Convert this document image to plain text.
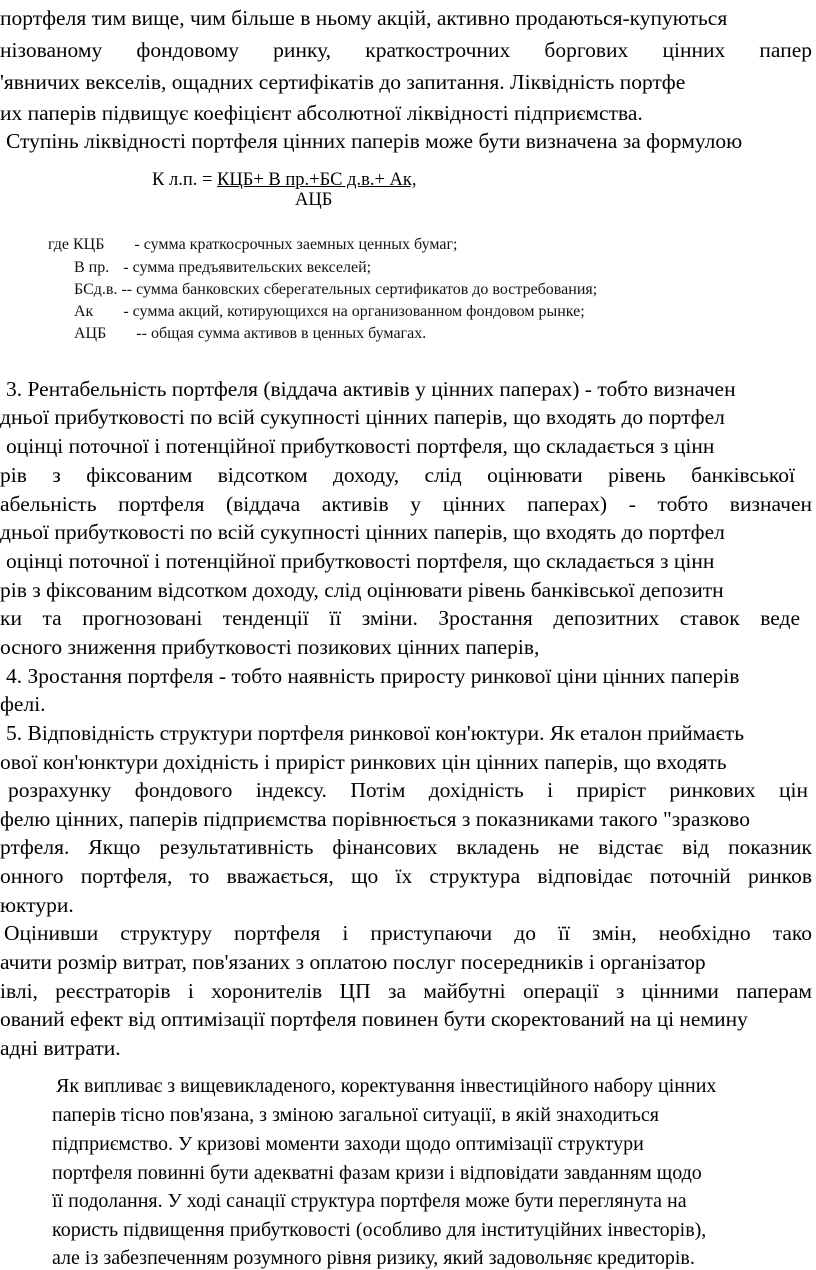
портфеля тим вище, чим більше в ньому акцій, активно продаються-купуються
нізованому фондовому ринку, краткострочних боргових цінних папер
'явничих векселів, ощадних сертифікатів до запитання. Ліквідність портфе
их паперів підвищує коефіцієнт абсолютної ліквідності підприємства.
Ступінь ліквідності портфеля цінних паперів може бути визначена за формулою
К л.п. = КЦБ+ В пр.+БС д.в.+ Ак,
АЦБ
где КЦБ - сумма краткосрочных заемных ценных бумаг;
В пр. - сумма предъявительских векселей;
БСд.в. -- сумма банковских сберегательных сертификатов до востребования;
Ак - сумма акций, котирующихся на организованном фондовом рынке;
АЦБ -- общая сумма активов в ценных бумагах.
3. Рентабельність портфеля (віддача активів у цінних паперах) - тобто визначен
дньої прибутковості по всій сукупності цінних паперів, що входять до портфел
оцінці поточної і потенційної прибутковості портфеля, що складається з цінн
рів з фіксованим відсотком доходу, слід оцінювати рівень банківської
абельність портфеля (віддача активів у цінних паперах) - тобто визначен
дньої прибутковості по всій сукупності цінних паперів, що входять до портфел
оцінці поточної і потенційної прибутковості портфеля, що складається з цінн
рів з фіксованим відсотком доходу, слід оцінювати рівень банківської депозитн
ки та прогнозовані тенденції її зміни. Зростання депозитних ставок веде
осного зниження прибутковості позикових цінних паперів,
4. Зростання портфеля - тобто наявність приросту ринкової ціни цінних паперів
фелі.
5. Відповідність структури портфеля ринкової кон'юктури. Як еталон приймаєть
ової кон'юнктури дохідність і приріст ринкових цін цінних паперів, що входять
розрахунку фондового індексу. Потім дохідність і приріст ринкових цін
фелю цінних, паперів підприємства порівнюється з показниками такого "зразково
ртфеля. Якщо результативність фінансових вкладень не відстає від показник
онного портфеля, то вважається, що їх структура відповідає поточній ринков
юктури.
Оцінивши структуру портфеля і приступаючи до її змін, необхідно тако
ачити розмір витрат, пов'язаних з оплатою послуг посередників і організатор
івлі, реєстраторів і хоронителів ЦП за майбутні операції з цінними паперам
ований ефект від оптимізації портфеля повинен бути скоректований на ці немину
адні витрати.
Як випливає з вищевикладеного, коректування інвестиційного набору цінних
паперів тісно пов'язана, з зміною загальної ситуації, в якій знаходиться
підприємство. У кризові моменти заходи щодо оптимізації структури
портфеля повинні бути адекватні фазам кризи і відповідати завданням щодо
її подолання. У ході санації структура портфеля може бути переглянута на
користь підвищення прибутковості (особливо для інституційних інвесторів),
але із забезпеченням розумного рівня ризику, який задовольняє кредиторів.
